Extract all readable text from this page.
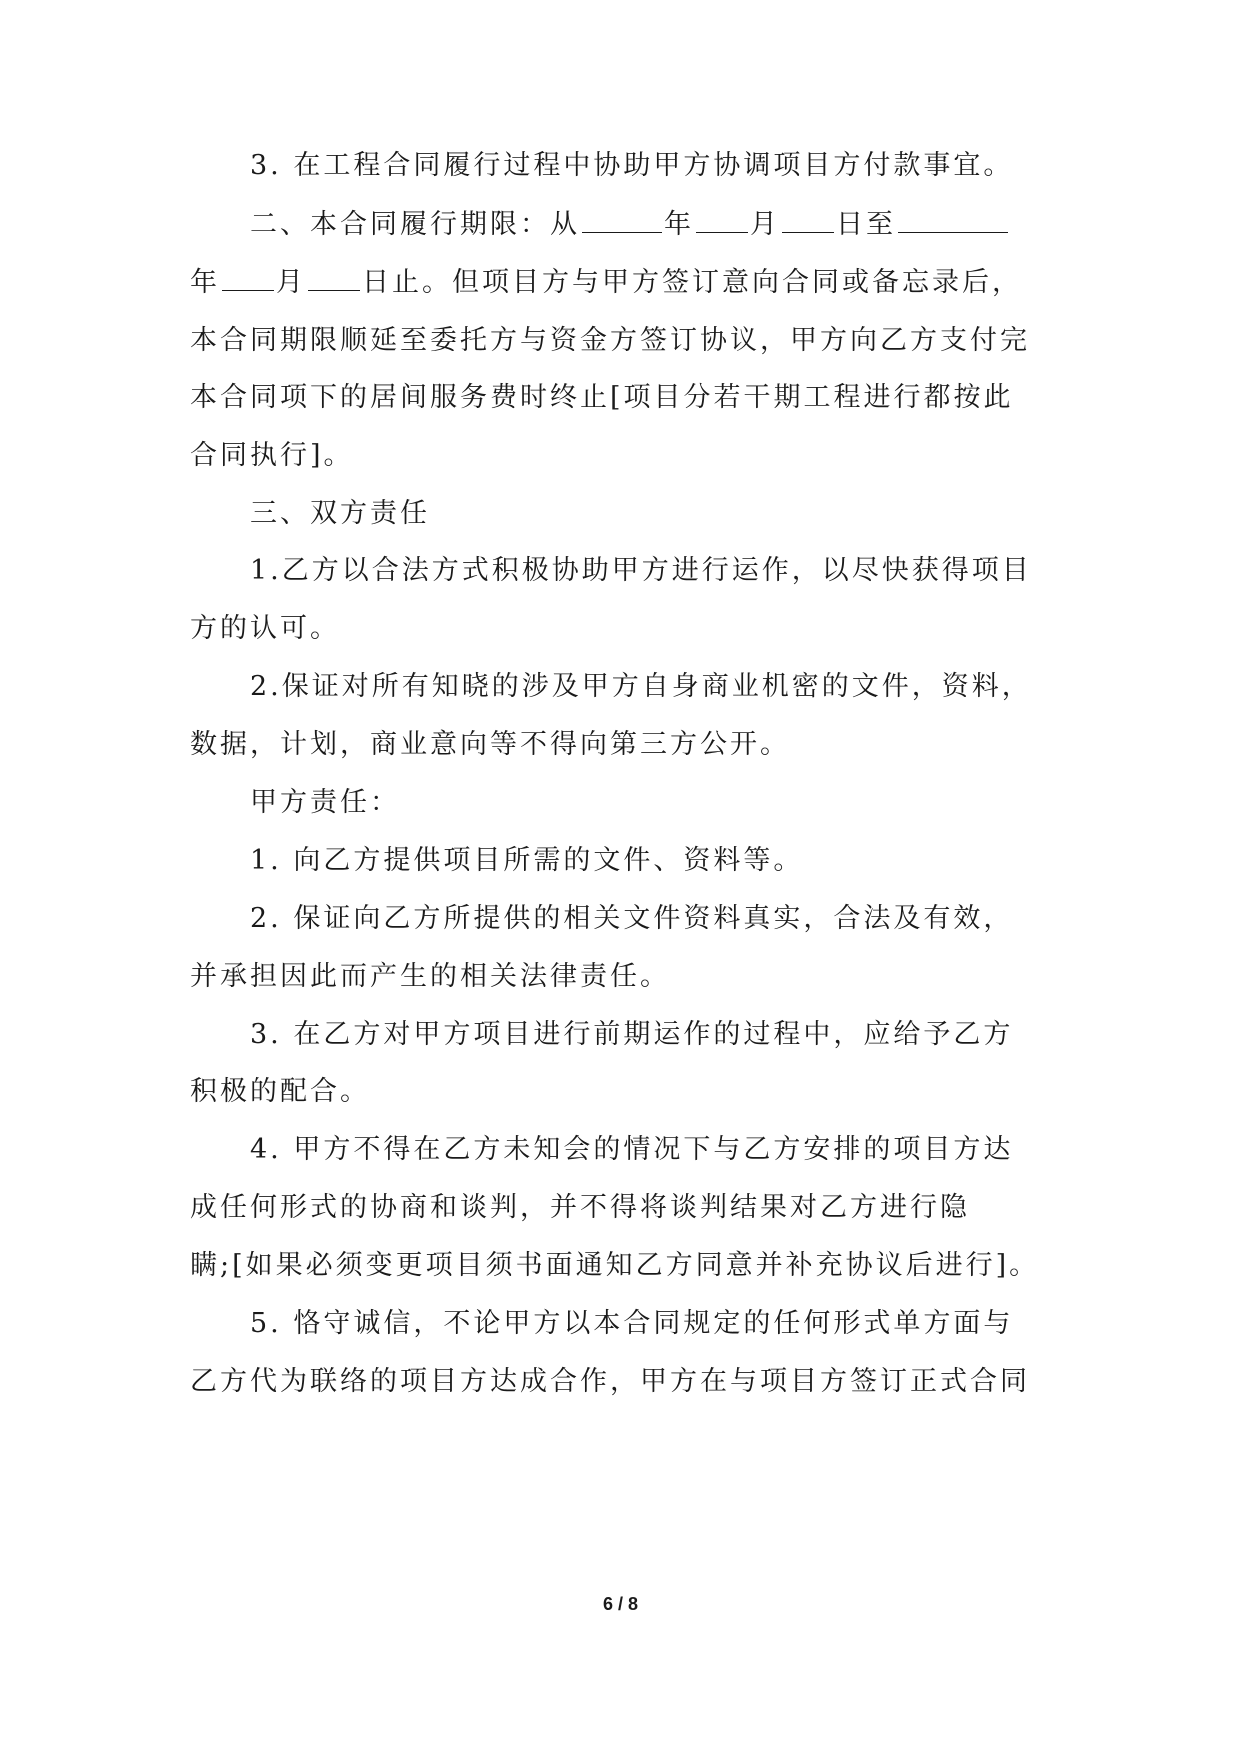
3. 在工程合同履行过程中协助甲方协调项目方付款事宜。
二、本合同履行期限：从	年 月 日至
年 月 日止。但项目方与甲方签订意向合同或备忘录后，
本合同期限顺延至委托方与资金方签订协议，甲方向乙方支付完
本合同项下的居间服务费时终止[项目分若干期工程进行都按此
合同执行]。
三、双方责任
1.乙方以合法方式积极协助甲方进行运作，以尽快获得项目
方的认可。
2.保证对所有知晓的涉及甲方自身商业机密的文件，资料，
数据，计划，商业意向等不得向第三方公开。
甲方责任：
1. 向乙方提供项目所需的文件、资料等。
2. 保证向乙方所提供的相关文件资料真实，合法及有效，
并承担因此而产生的相关法律责任。
3. 在乙方对甲方项目进行前期运作的过程中，应给予乙方
积极的配合。
4. 甲方不得在乙方未知会的情况下与乙方安排的项目方达
成任何形式的协商和谈判，并不得将谈判结果对乙方进行隐
瞒;[如果必须变更项目须书面通知乙方同意并补充协议后进行]。
5. 恪守诚信，不论甲方以本合同规定的任何形式单方面与
乙方代为联络的项目方达成合作，甲方在与项目方签订正式合同
6 / 8
